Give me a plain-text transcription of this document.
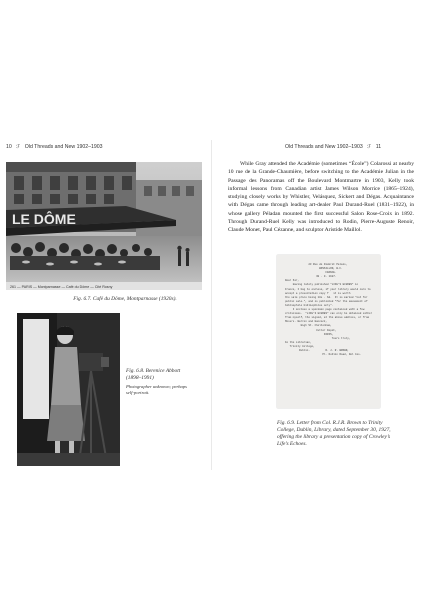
10 ℱ Old Threads and New 1902–1903
LE DÔME
261 — PARIS — Montparnasse — Café du Dôme — Cité Rosny
Fig. 6.7. Café du Dôme, Montparnasse (1920s).
Fig. 6.8. Berenice Abbott (1898–1991)
Photographer unknown; perhaps self-portrait.
Old Threads and New 1902–1903 ℱ 11

While Gray attended the Académie (sometimes “École”) Colarossi at nearby 10 rue de la Grande-Chaumière, before switching to the Académie Julian in the Passage des Panoramas off the Boulevard Montmartre in 1903, Kelly took informal lessons from Canadian artist James Wilson Morrice (1865–1924), studying closely works by Whistler, Velásquez, Sickert and Dégas. Acquaintance with Dégas came through leading art-dealer Paul Durand-Ruel (1831–1922), in whose gallery Péladan mounted the first successful Salon Rose-Croix in 1892. Through Durand-Ruel Kelly was introduced to Rodin, Pierre-Auguste Renoir, Claude Monet, Paul Cézanne, and sculptor Aristide Maillol.

23 Rue de Diderot Palais,
BOSSILLON, B.F.
FRANCE.
30 . 9. 1927.
Dear Sir,
Having lately published "LIFE'S ECHOES" in
France, I beg to enclose, if your library would care to
accept a presentation copy f   it is worth
the sale price being 10s . 6d.  It is marked "not for
public sale.", and is published "for the amusement of
bibliophile bibliophiles only".
I enclose a specimen page contained with a few
criticisms.  "LIFE'S ECHOES" can only be obtained either
from myself, the signed, at the above address, or from
Messrs. Warren and Hancock,
High St. Cheltenham,
Cutler Depot,
PARIS,
Yours truly,
Fo the Librarian,
Trinity College,
Dublin.          R. J. R. BROWN,
Pl. Dublin Road, Dol Cos.
Fig. 6.9. Letter from Col. R.J.R. Brown to Trinity College, Dublin, Library, dated September 30, 1927, offering the library a presentation copy of Crowley’s Life’s Echoes.
